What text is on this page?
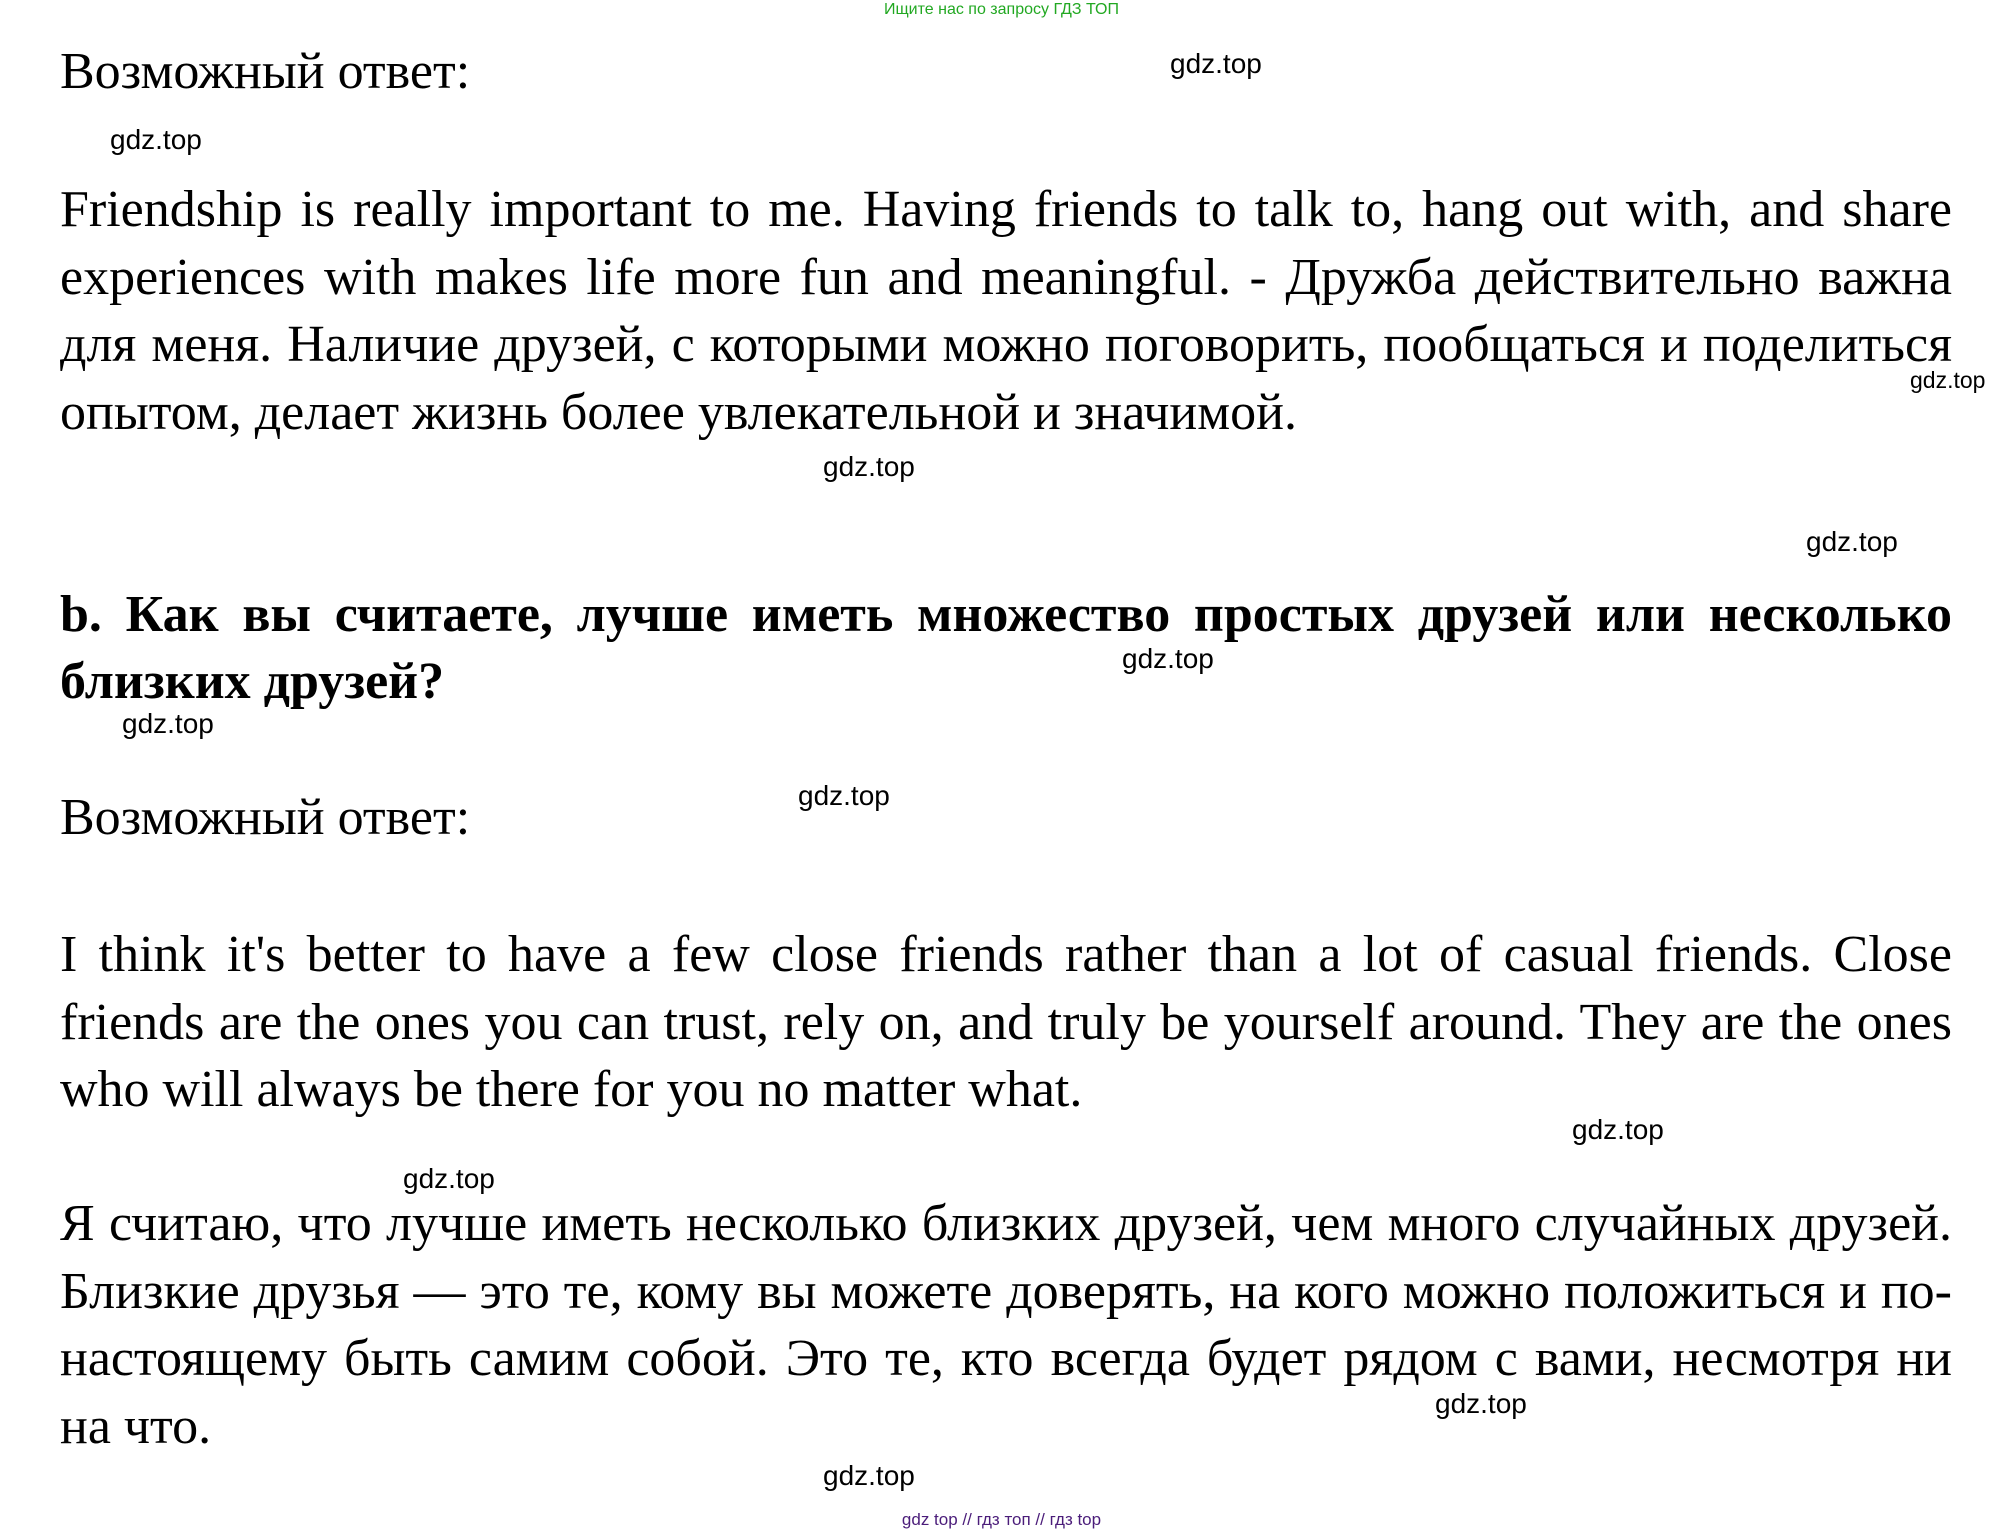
Ищите нас по запросу ГДЗ ТОП
Возможный ответ:
Friendship is really important to me. Having friends to talk to, hang out with, and share experiences with makes life more fun and meaningful. - Дружба действительно важна для меня. Наличие друзей, с которыми можно поговорить, пообщаться и поделиться опытом, делает жизнь более увлекательной и значимой.
b. Как вы считаете, лучше иметь множество простых друзей или несколько близких друзей?
Возможный ответ:
I think it's better to have a few close friends rather than a lot of casual friends. Close friends are the ones you can trust, rely on, and truly be yourself around. They are the ones who will always be there for you no matter what.
Я считаю, что лучше иметь несколько близких друзей, чем много случайных друзей. Близкие друзья — это те, кому вы можете доверять, на кого можно положиться и по-настоящему быть самим собой. Это те, кто всегда будет рядом с вами, несмотря ни на что.
gdz.top
gdz.top
gdz.top
gdz.top
gdz.top
gdz.top
gdz.top
gdz.top
gdz.top
gdz.top
gdz.top
gdz.top
gdz top // гдз топ // гдз top
